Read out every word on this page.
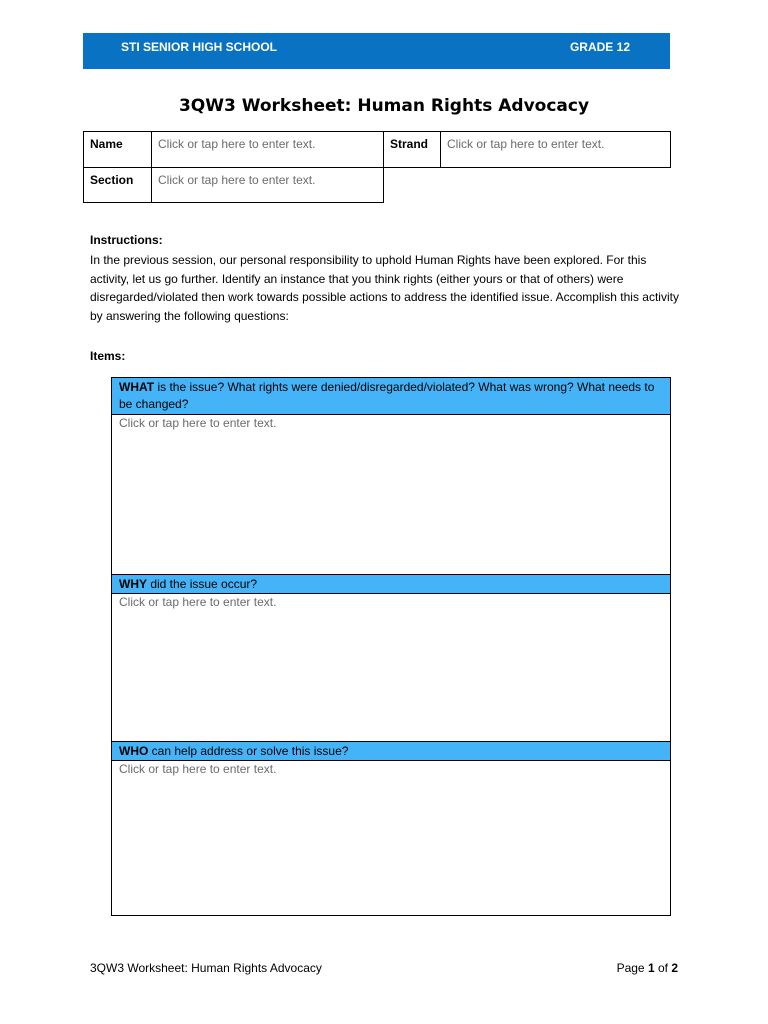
STI SENIOR HIGH SCHOOL	GRADE 12
3QW3 Worksheet: Human Rights Advocacy
Name	Click or tap here to enter text.	Strand	Click or tap here to enter text.
Section	Click or tap here to enter text.
Instructions:
In the previous session, our personal responsibility to uphold Human Rights have been explored. For this activity, let us go further. Identify an instance that you think rights (either yours or that of others) were disregarded/violated then work towards possible actions to address the identified issue. Accomplish this activity by answering the following questions:
Items:
WHAT is the issue? What rights were denied/disregarded/violated? What was wrong? What needs to be changed?
Click or tap here to enter text.
WHY did the issue occur?
Click or tap here to enter text.
WHO can help address or solve this issue?
Click or tap here to enter text.
3QW3 Worksheet: Human Rights Advocacy	Page 1 of 2
